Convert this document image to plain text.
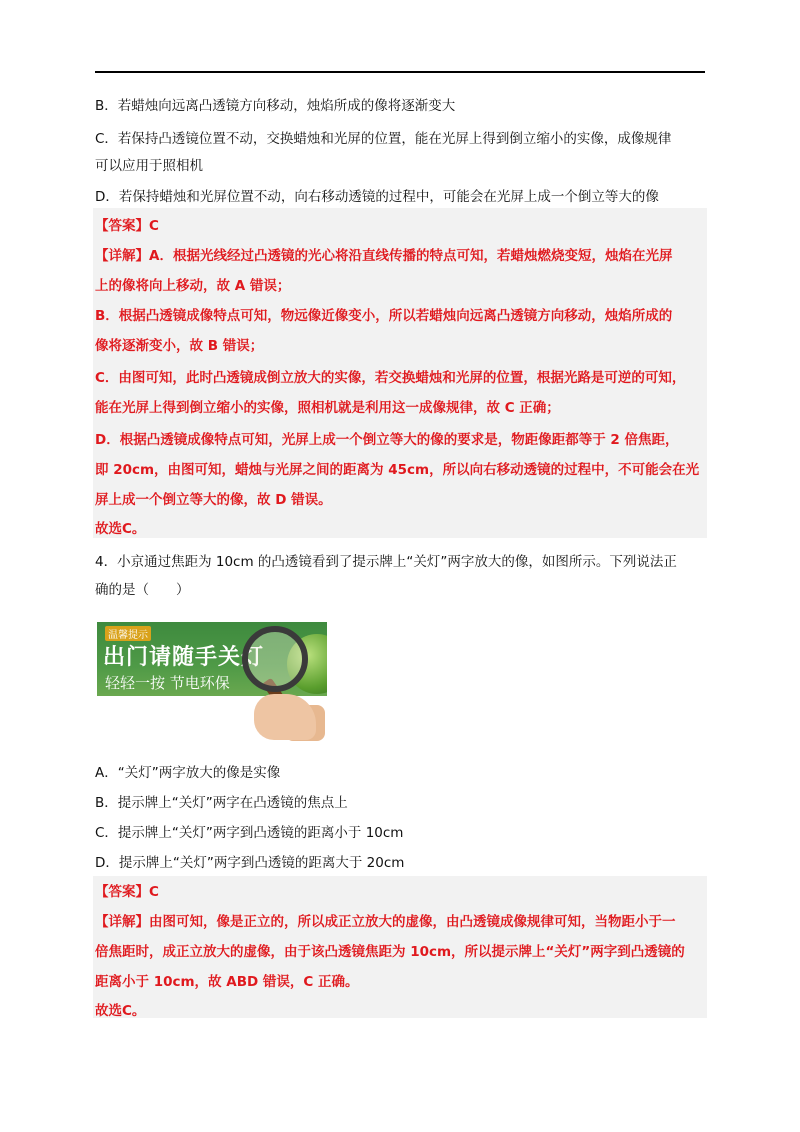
B．若蜡烛向远离凸透镜方向移动，烛焰所成的像将逐渐变大
C．若保持凸透镜位置不动，交换蜡烛和光屏的位置，能在光屏上得到倒立缩小的实像，成像规律
可以应用于照相机
D．若保持蜡烛和光屏位置不动，向右移动透镜的过程中，可能会在光屏上成一个倒立等大的像
【答案】C
【详解】A．根据光线经过凸透镜的光心将沿直线传播的特点可知，若蜡烛燃烧变短，烛焰在光屏
上的像将向上移动，故 A 错误；
B．根据凸透镜成像特点可知，物远像近像变小，所以若蜡烛向远离凸透镜方向移动，烛焰所成的
像将逐渐变小，故 B 错误；
C．由图可知，此时凸透镜成倒立放大的实像，若交换蜡烛和光屏的位置，根据光路是可逆的可知，
能在光屏上得到倒立缩小的实像，照相机就是利用这一成像规律，故 C 正确；
D．根据凸透镜成像特点可知，光屏上成一个倒立等大的像的要求是，物距像距都等于 2 倍焦距，
即 20cm，由图可知，蜡烛与光屏之间的距离为 45cm，所以向右移动透镜的过程中，不可能会在光
屏上成一个倒立等大的像，故 D 错误。
故选C。
4．小京通过焦距为 10cm 的凸透镜看到了提示牌上“关灯”两字放大的像，如图所示。下列说法正
确的是（　　）
温馨提示
出门请随手关灯
轻轻一按 节电环保
A．“关灯”两字放大的像是实像
B．提示牌上“关灯”两字在凸透镜的焦点上
C．提示牌上“关灯”两字到凸透镜的距离小于 10cm
D．提示牌上“关灯”两字到凸透镜的距离大于 20cm
【答案】C
【详解】由图可知，像是正立的，所以成正立放大的虚像，由凸透镜成像规律可知，当物距小于一
倍焦距时，成正立放大的虚像，由于该凸透镜焦距为 10cm，所以提示牌上“关灯”两字到凸透镜的
距离小于 10cm，故 ABD 错误，C 正确。
故选C。
